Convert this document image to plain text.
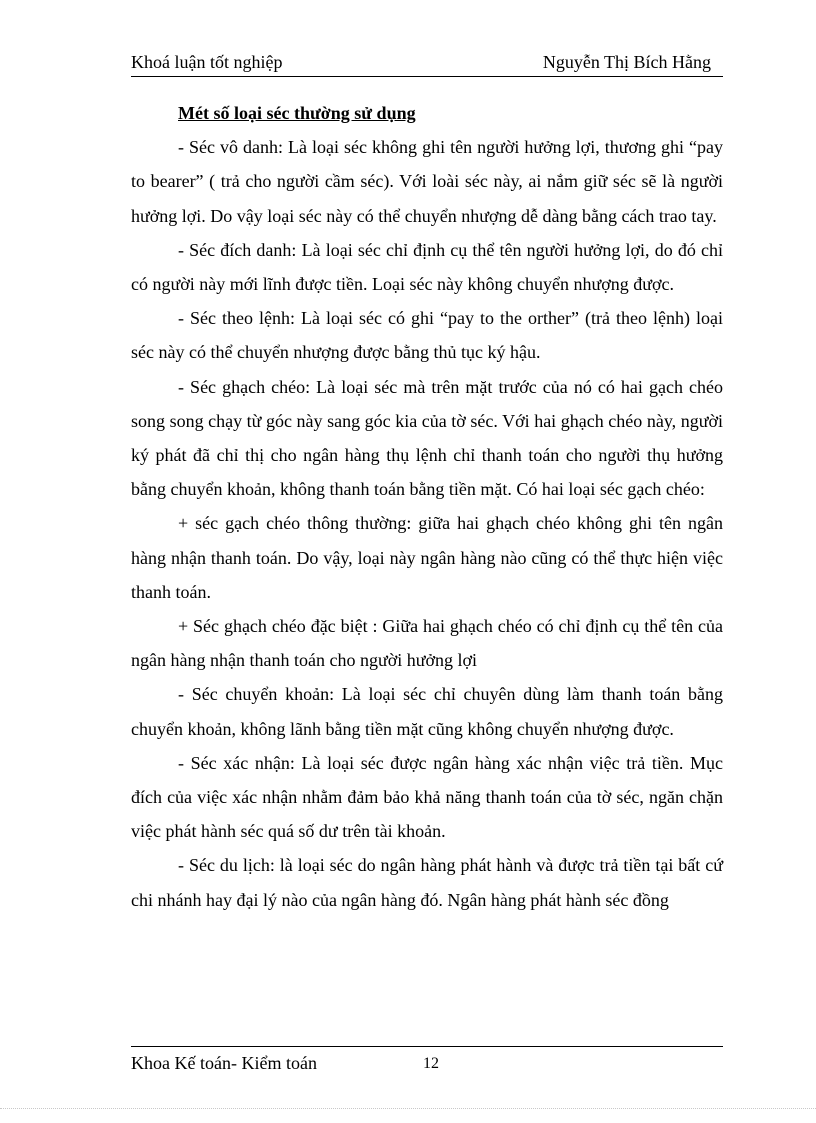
Khoá luận tốt nghiệp	Nguyễn Thị Bích Hằng
Mét số loại séc thường sử dụng

- Séc vô danh: Là loại séc không ghi tên người hưởng lợi, thương ghi “pay to bearer” ( trả cho người cầm séc). Với loài séc này, ai nắm giữ séc sẽ là người hưởng lợi. Do vậy loại séc này có thể chuyển nhượng dễ dàng bằng cách trao tay.

- Séc đích danh: Là loại séc chỉ định cụ thể tên người hưởng lợi, do đó chỉ có người này mới lĩnh được tiền. Loại séc này không chuyển nhượng được.

- Séc theo lệnh: Là loại séc có ghi “pay to the orther” (trả theo lệnh) loại séc này có thể chuyển nhượng được bằng thủ tục ký hậu.

- Séc ghạch chéo: Là loại séc mà trên mặt trước của nó có hai gạch chéo song song chạy từ góc này sang góc kia của tờ séc. Với hai ghạch chéo này, người ký phát đã chỉ thị cho ngân hàng thụ lệnh chỉ thanh toán cho người thụ hưởng bằng chuyển khoản, không thanh toán bằng tiền mặt. Có hai loại séc gạch chéo:

+ séc gạch chéo thông thường: giữa hai ghạch chéo không ghi tên ngân hàng nhận thanh toán. Do vậy, loại này ngân hàng nào cũng có thể thực hiện việc thanh toán.

+ Séc ghạch chéo đặc biệt : Giữa hai ghạch chéo có chỉ định cụ thể tên của ngân hàng nhận thanh toán cho người hưởng lợi

- Séc chuyển khoản: Là loại séc chỉ chuyên dùng làm thanh toán bằng chuyển khoản, không lãnh bằng tiền mặt cũng không chuyển nhượng được.

- Séc xác nhận: Là loại séc được ngân hàng xác nhận việc trả tiền. Mục đích của việc xác nhận nhằm đảm bảo khả năng thanh toán của tờ séc, ngăn chặn việc phát hành séc quá số dư trên tài khoản.

- Séc du lịch: là loại séc do ngân hàng phát hành và được trả tiền tại bất cứ chi nhánh hay đại lý nào của ngân hàng đó. Ngân hàng phát hành séc đồng

Khoa Kế toán- Kiểm toán	12
